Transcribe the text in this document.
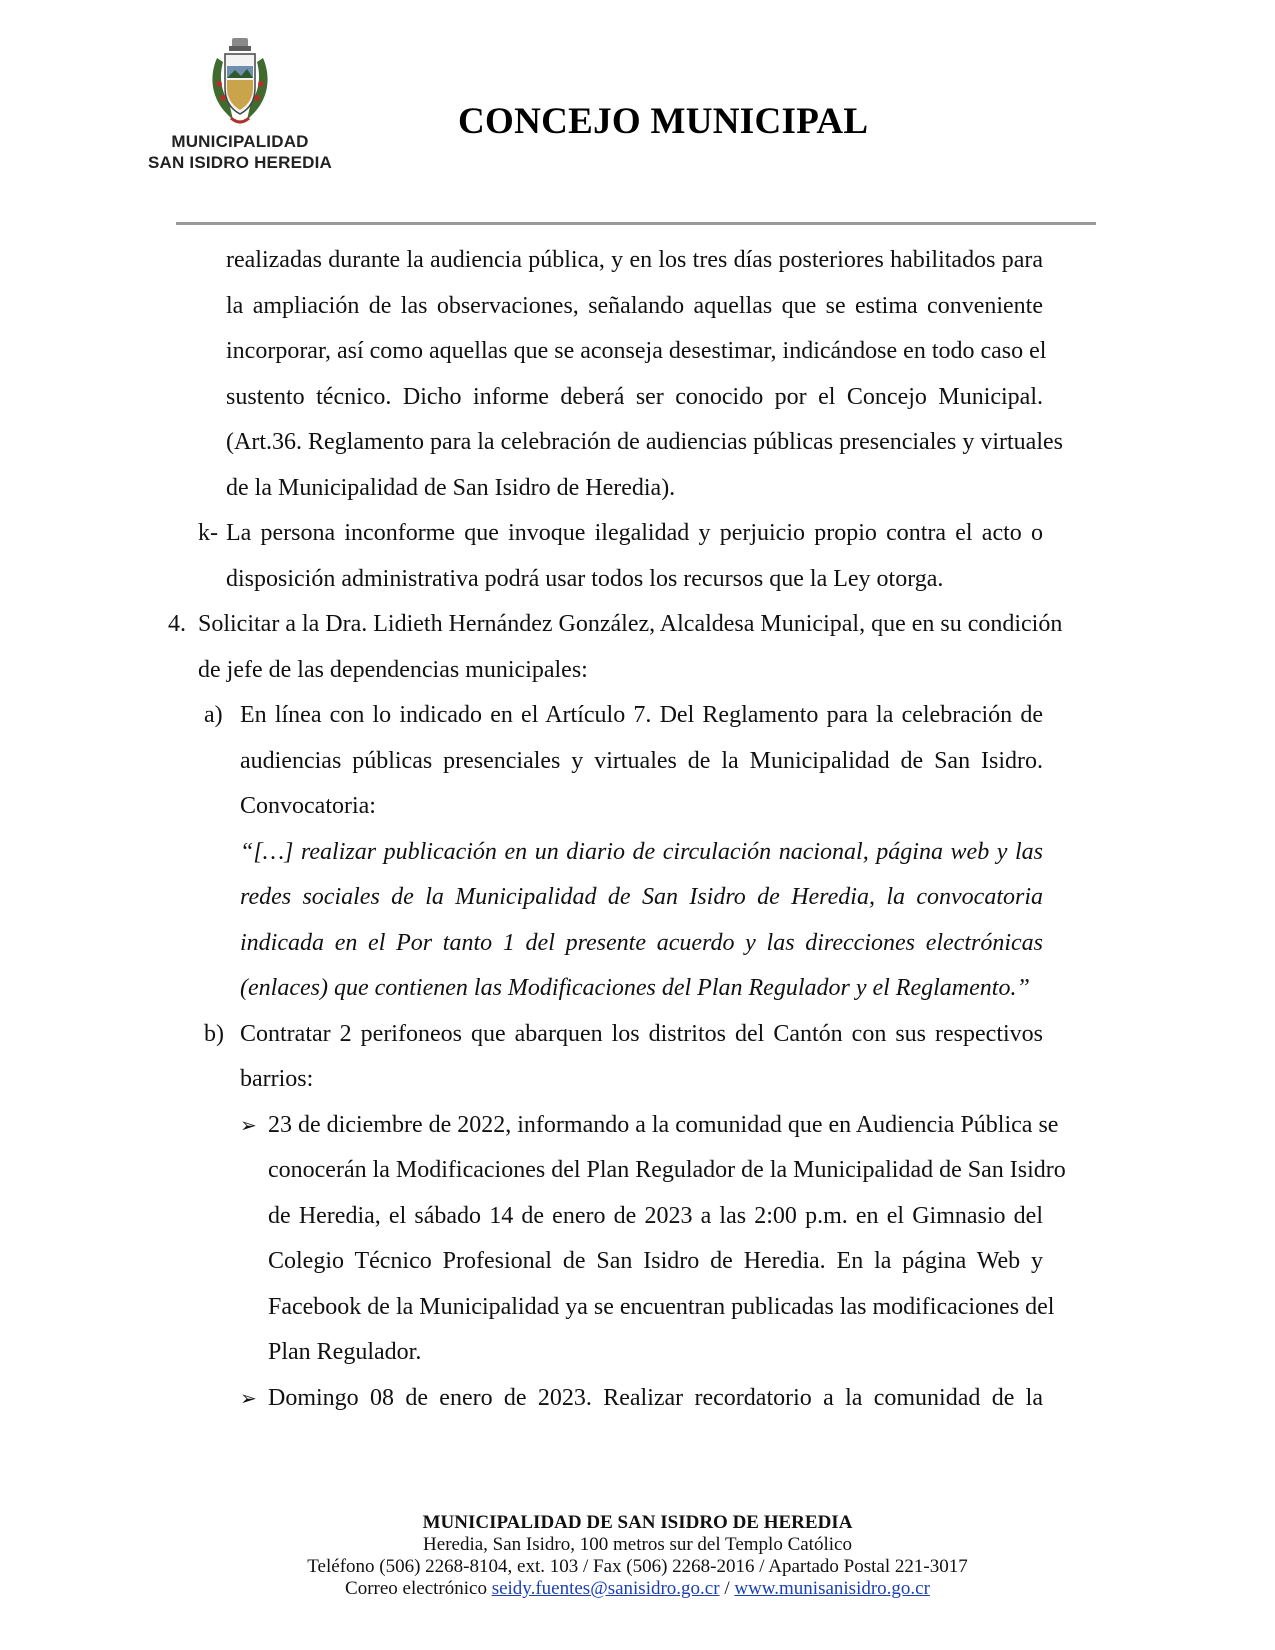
MUNICIPALIDAD
SAN ISIDRO HEREDIA
CONCEJO MUNICIPAL
realizadas durante la audiencia pública, y en los tres días posteriores habilitados para
la ampliación de las observaciones, señalando aquellas que se estima conveniente
incorporar, así como aquellas que se aconseja desestimar, indicándose en todo caso el
sustento técnico. Dicho informe deberá ser conocido por el Concejo Municipal.
(Art.36. Reglamento para la celebración de audiencias públicas presenciales y virtuales
de la Municipalidad de San Isidro de Heredia).
k- La persona inconforme que invoque ilegalidad y perjuicio propio contra el acto o
disposición administrativa podrá usar todos los recursos que la Ley otorga.
4. Solicitar a la Dra. Lidieth Hernández González, Alcaldesa Municipal, que en su condición
de jefe de las dependencias municipales:
a) En línea con lo indicado en el Artículo 7. Del Reglamento para la celebración de
audiencias públicas presenciales y virtuales de la Municipalidad de San Isidro.
Convocatoria:
“[…] realizar publicación en un diario de circulación nacional, página web y las
redes sociales de la Municipalidad de San Isidro de Heredia, la convocatoria
indicada en el Por tanto 1 del presente acuerdo y las direcciones electrónicas
(enlaces) que contienen las Modificaciones del Plan Regulador y el Reglamento.”
b) Contratar 2 perifoneos que abarquen los distritos del Cantón con sus respectivos
barrios:
➢ 23 de diciembre de 2022, informando a la comunidad que en Audiencia Pública se
conocerán la Modificaciones del Plan Regulador de la Municipalidad de San Isidro
de Heredia, el sábado 14 de enero de 2023 a las 2:00 p.m. en el Gimnasio del
Colegio Técnico Profesional de San Isidro de Heredia. En la página Web y
Facebook de la Municipalidad ya se encuentran publicadas las modificaciones del
Plan Regulador.
➢ Domingo 08 de enero de 2023. Realizar recordatorio a la comunidad de la
MUNICIPALIDAD DE SAN ISIDRO DE HEREDIA
Heredia, San Isidro, 100 metros sur del Templo Católico
Teléfono (506) 2268-8104, ext. 103 / Fax (506) 2268-2016 / Apartado Postal 221-3017
Correo electrónico seidy.fuentes@sanisidro.go.cr / www.munisanisidro.go.cr
